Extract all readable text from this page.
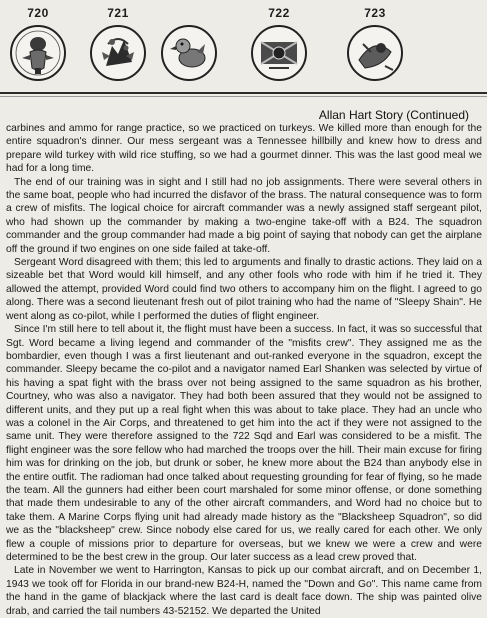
720	721	722	723
Allan Hart Story (Continued)

carbines and ammo for range practice, so we practiced on turkeys. We killed more than enough for the entire squadron's dinner. Our mess sergeant was a Tennessee hillbilly and knew how to dress and prepare wild turkey with wild rice stuffing, so we had a gourmet dinner. This was the last good meal we had for a long time.

The end of our training was in sight and I still had no job assignments. There were several others in the same boat, people who had incurred the disfavor of the brass. The natural consequence was to form a crew of misfits. The logical choice for aircraft commander was a newly assigned staff sergeant pilot, who had shown up the commander by making a two-engine take-off with a B24. The squadron commander and the group commander had made a big point of saying that nobody can get the airplane off the ground if two engines on one side failed at take-off.

Sergeant Word disagreed with them; this led to arguments and finally to drastic actions. They laid on a sizeable bet that Word would kill himself, and any other fools who rode with him if he tried it. They allowed the attempt, provided Word could find two others to accompany him on the flight. I agreed to go along. There was a second lieutenant fresh out of pilot training who had the name of "Sleepy Shain". He went along as co-pilot, while I performed the duties of flight engineer.

Since I'm still here to tell about it, the flight must have been a success. In fact, it was so successful that Sgt. Word became a living legend and commander of the "misfits crew". They assigned me as the bombardier, even though I was a first lieutenant and out-ranked everyone in the squadron, except the commander. Sleepy became the co-pilot and a navigator named Earl Shanken was selected by virtue of his having a spat fight with the brass over not being assigned to the same squadron as his brother, Courtney, who was also a navigator. They had both been assured that they would not be assigned to different units, and they put up a real fight when this was about to take place. They had an uncle who was a colonel in the Air Corps, and threatened to get him into the act if they were not assigned to the same unit. They were therefore assigned to the 722 Sqd and Earl was considered to be a misfit. The flight engineer was the sore fellow who had marched the troops over the hill. Their main excuse for firing him was for drinking on the job, but drunk or sober, he knew more about the B24 than anybody else in the entire outfit. The radioman had once talked about requesting grounding for fear of flying, so he made the team. All the gunners had either been court marshaled for some minor offense, or done something that made them undesirable to any of the other aircraft commanders, and Word had no choice but to take them. A Marine Corps flying unit had already made history as the "Blacksheep Squadron", so did we as the "blacksheep" crew. Since nobody else cared for us, we really cared for each other. We only flew a couple of missions prior to departure for overseas, but we knew we were a crew and were determined to be the best crew in the group. Our later success as a lead crew proved that.

Late in November we went to Harrington, Kansas to pick up our combat aircraft, and on December 1, 1943 we took off for Florida in our brand-new B24-H, named the "Down and Go". This name came from the hand in the game of blackjack where the last card is dealt face down. The ship was painted olive drab, and carried the tail numbers 43-52152. We departed the United
